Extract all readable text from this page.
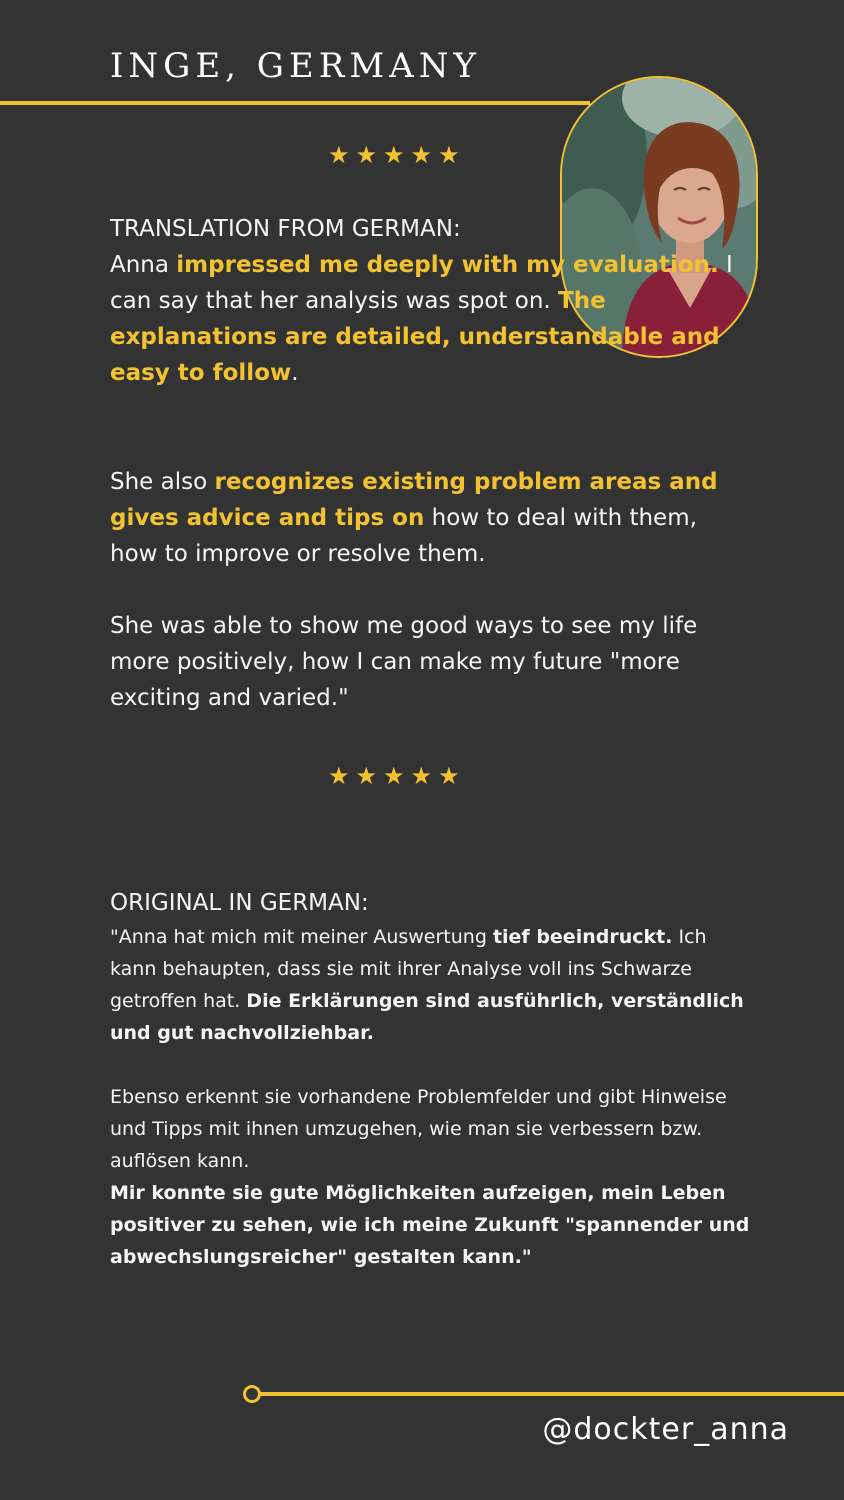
INGE, GERMANY
★★★★★

TRANSLATION FROM GERMAN:
Anna impressed me deeply with my evaluation. I can say that her analysis was spot on. The explanations are detailed, understandable and easy to follow.

She also recognizes existing problem areas and gives advice and tips on how to deal with them, how to improve or resolve them.

She was able to show me good ways to see my life more positively, how I can make my future "more exciting and varied."

★★★★★

ORIGINAL IN GERMAN:

"Anna hat mich mit meiner Auswertung tief beeindruckt. Ich kann behaupten, dass sie mit ihrer Analyse voll ins Schwarze getroffen hat. Die Erklärungen sind ausführlich, verständlich und gut nachvollziehbar.

Ebenso erkennt sie vorhandene Problemfelder und gibt Hinweise und Tipps mit ihnen umzugehen, wie man sie verbessern bzw. auflösen kann.

Mir konnte sie gute Möglichkeiten aufzeigen, mein Leben positiver zu sehen, wie ich meine Zukunft "spannender und abwechslungsreicher" gestalten kann."

@dockter_anna
